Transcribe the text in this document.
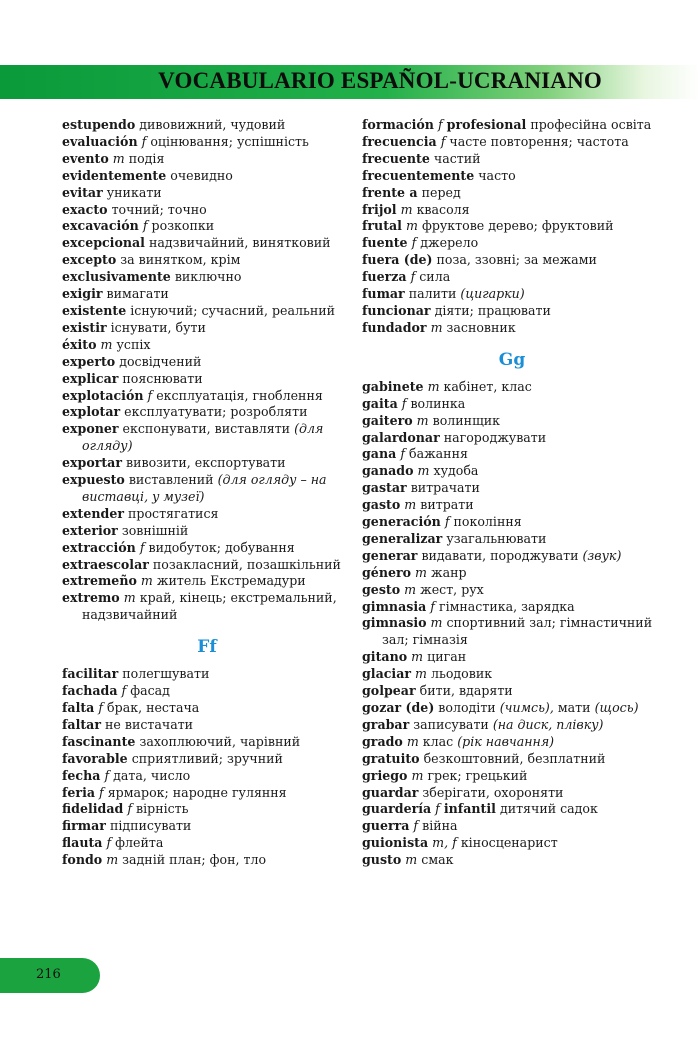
VOCABULARIO ESPAÑOL-UCRANIANO
estupendo дивовижний, чудовий
evaluación f оцінювання; успішність
evento m подія
evidentemente очевидно
evitar уникати
exacto точний; точно
excavación f розкопки
excepcional надзвичайний, винятковий
excepto за винятком, крім
exclusivamente виключно
exigir вимагати
existente існуючий; сучасний, реальний
existir існувати, бути
éxito m успіх
experto досвідчений
explicar пояснювати
explotación f експлуатація, гноблення
explotar експлуатувати; розробляти
exponer експонувати, виставляти (для огляду)
exportar вивозити, експортувати
expuesto виставлений (для огляду – на виставці, у музеї)
extender простягатися
exterior зовнішній
extracción f видобуток; добування
extraescolar позакласний, позашкільний
extremeño m житель Екстремадури
extremo m край, кінець; екстремальний, надзвичайний
Ff
facilitar полегшувати
fachada f фасад
falta f брак, нестача
faltar не вистачати
fascinante захоплюючий, чарівний
favorable сприятливий; зручний
fecha f дата, число
feria f ярмарок; народне гуляння
fidelidad f вірність
firmar підписувати
flauta f флейта
fondo m задній план; фон, тло
formación f profesional професійна освіта
frecuencia f часте повторення; частота
frecuente частий
frecuentemente часто
frente a перед
frijol m квасоля
frutal m фруктове дерево; фруктовий
fuente f джерело
fuera (de) поза, ззовні; за межами
fuerza f сила
fumar палити (цигарки)
funcionar діяти; працювати
fundador m засновник
Gg
gabinete m кабінет, клас
gaita f волинка
gaitero m волинщик
galardonar нагороджувати
gana f бажання
ganado m худоба
gastar витрачати
gasto m витрати
generación f покоління
generalizar узагальнювати
generar видавати, породжувати (звук)
género m жанр
gesto m жест, рух
gimnasia f гімнастика, зарядка
gimnasio m спортивний зал; гімнастичний зал; гімназія
gitano m циган
glaciar m льодовик
golpear бити, вдаряти
gozar (de) володіти (чимсь), мати (щось)
grabar записувати (на диск, плівку)
grado m клас (рік навчання)
gratuito безкоштовний, безплатний
griego m грек; грецький
guardar зберігати, охороняти
guardería f infantil дитячий садок
guerra f війна
guionista m, f кіносценарист
gusto m смак
216
